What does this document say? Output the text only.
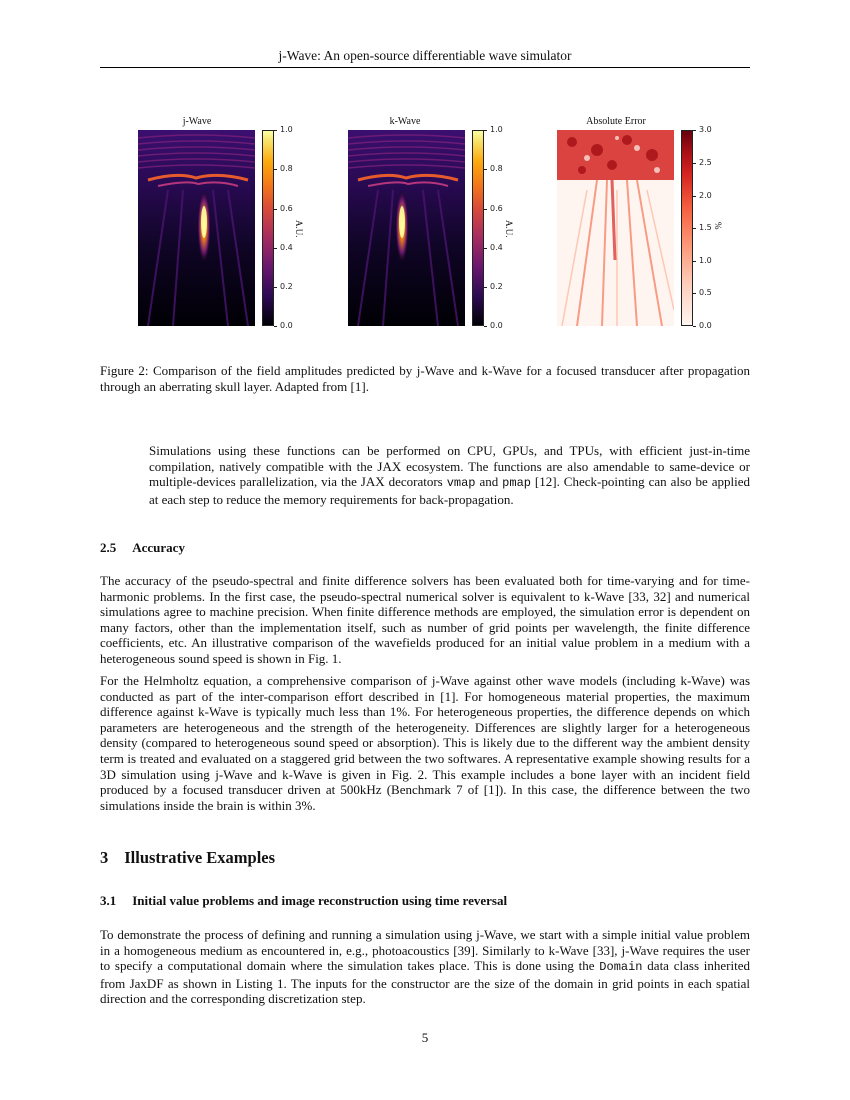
j-Wave: An open-source differentiable wave simulator
j-Wave
1.0
0.8
0.6
0.4
0.2
0.0
A.U.
k-Wave
1.0
0.8
0.6
0.4
0.2
0.0
A.U.
Absolute Error
3.0
2.5
2.0
1.5
1.0
0.5
0.0
%
Figure 2: Comparison of the field amplitudes predicted by j-Wave and k-Wave for a focused transducer after propagation through an aberrating skull layer. Adapted from [1].
Simulations using these functions can be performed on CPU, GPUs, and TPUs, with efficient just-in-time compilation, natively compatible with the JAX ecosystem. The functions are also amendable to same-device or multiple-devices parallelization, via the JAX decorators vmap and pmap [12]. Check-pointing can also be applied at each step to reduce the memory requirements for back-propagation.
2.5 Accuracy
The accuracy of the pseudo-spectral and finite difference solvers has been evaluated both for time-varying and for time-harmonic problems. In the first case, the pseudo-spectral numerical solver is equivalent to k-Wave [33, 32] and numerical simulations agree to machine precision. When finite difference methods are employed, the simulation error is dependent on many factors, other than the implementation itself, such as number of grid points per wavelength, the finite difference coefficients, etc. An illustrative comparison of the wavefields produced for an initial value problem in a medium with a heterogeneous sound speed is shown in Fig. 1.
For the Helmholtz equation, a comprehensive comparison of j-Wave against other wave models (including k-Wave) was conducted as part of the inter-comparison effort described in [1]. For homogeneous material properties, the maximum difference against k-Wave is typically much less than 1%. For heterogeneous properties, the difference depends on which parameters are heterogeneous and the strength of the heterogeneity. Differences are slightly larger for a heterogeneous density (compared to heterogeneous sound speed or absorption). This is likely due to the different way the ambient density term is treated and evaluated on a staggered grid between the two softwares. A representative example showing results for a 3D simulation using j-Wave and k-Wave is given in Fig. 2. This example includes a bone layer with an incident field produced by a focused transducer driven at 500kHz (Benchmark 7 of [1]). In this case, the difference between the two simulations inside the brain is within 3%.
3 Illustrative Examples
3.1 Initial value problems and image reconstruction using time reversal
To demonstrate the process of defining and running a simulation using j-Wave, we start with a simple initial value problem in a homogeneous medium as encountered in, e.g., photoacoustics [39]. Similarly to k-Wave [33], j-Wave requires the user to specify a computational domain where the simulation takes place. This is done using the Domain data class inherited from JaxDF as shown in Listing 1. The inputs for the constructor are the size of the domain in grid points in each spatial direction and the corresponding discretization step.
5
